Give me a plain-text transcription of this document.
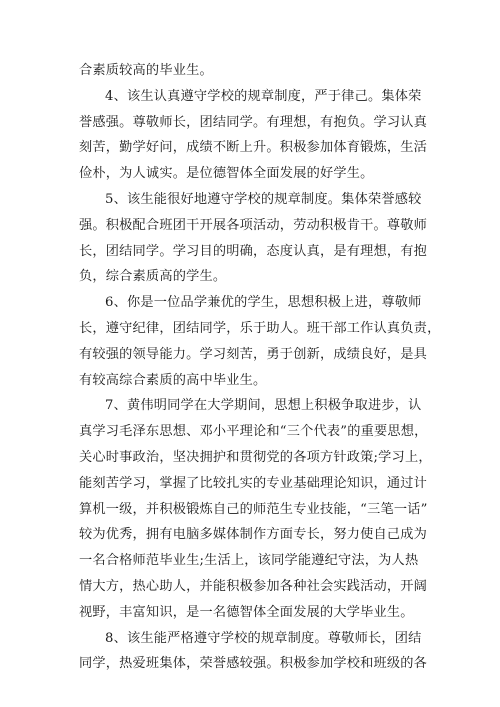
合素质较高的毕业生。
4、该生认真遵守学校的规章制度，严于律己。集体荣
誉感强。尊敬师长，团结同学。有理想，有抱负。学习认真
刻苦，勤学好问，成绩不断上升。积极参加体育锻炼，生活
俭朴，为人诚实。是位德智体全面发展的好学生。
5、该生能很好地遵守学校的规章制度。集体荣誉感较
强。积极配合班团干开展各项活动，劳动积极肯干。尊敬师
长，团结同学。学习目的明确，态度认真，是有理想，有抱
负，综合素质高的学生。
6、你是一位品学兼优的学生，思想积极上进，尊敬师
长，遵守纪律，团结同学，乐于助人。班干部工作认真负责，
有较强的领导能力。学习刻苦，勇于创新，成绩良好，是具
有较高综合素质的高中毕业生。
7、黄伟明同学在大学期间，思想上积极争取进步，认
真学习毛泽东思想、邓小平理论和“三个代表”的重要思想，
关心时事政治，坚决拥护和贯彻党的各项方针政策;学习上，
能刻苦学习，掌握了比较扎实的专业基础理论知识，通过计
算机一级，并积极锻炼自己的师范生专业技能，“三笔一话”
较为优秀，拥有电脑多媒体制作方面专长，努力使自己成为
一名合格师范毕业生;生活上，该同学能遵纪守法，为人热
情大方，热心助人，并能积极参加各种社会实践活动，开阔
视野，丰富知识，是一名德智体全面发展的大学毕业生。
8、该生能严格遵守学校的规章制度。尊敬师长，团结
同学，热爱班集体，荣誉感较强。积极参加学校和班级的各
